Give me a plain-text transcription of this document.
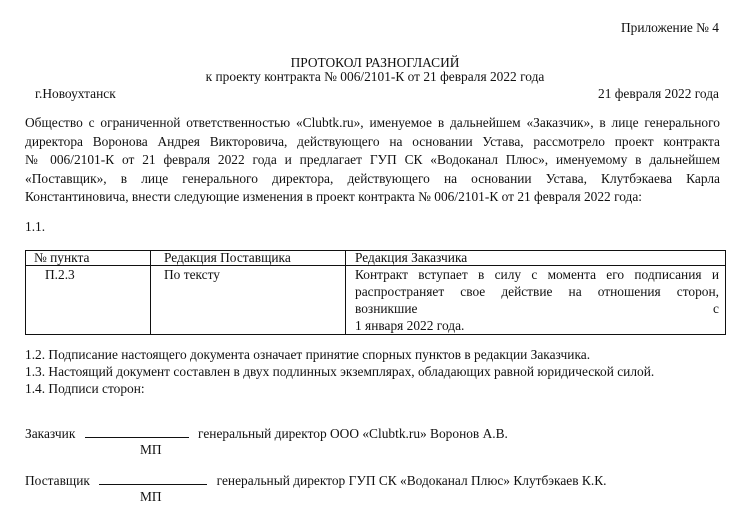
Приложение № 4
ПРОТОКОЛ РАЗНОГЛАСИЙ
к проекту контракта № 006/2101-К от 21 февраля 2022 года
г.Новоухтанск	21 февраля 2022 года
Общество с ограниченной ответственностью «Clubtk.ru», именуемое в дальнейшем «Заказчик», в лице генерального
директора Воронова Андрея Викторовича, действующего на основании Устава, рассмотрело проект контракта
№ 006/2101-К от 21 февраля 2022 года и предлагает ГУП СК «Водоканал Плюс», именуемому в дальнейшем
«Поставщик», в лице генерального директора, действующего на основании Устава, Клутбэкаева Карла
Константиновича, внести следующие изменения в проект контракта № 006/2101-К от 21 февраля 2022 года:
1.1.
№ пункта	Редакция Поставщика	Редакция Заказчика
П.2.3	По тексту	Контракт вступает в силу с момента его подписания и
распространяет свое действие на отношения сторон, возникшие с
1 января 2022 года.
1.2. Подписание настоящего документа означает принятие спорных пунктов в редакции Заказчика.
1.3. Настоящий документ составлен в двух подлинных экземплярах, обладающих равной юридической силой.
1.4. Подписи сторон:
Заказчик	генеральный директор ООО «Clubtk.ru» Воронов А.В.
МП
Поставщик	генеральный директор ГУП СК «Водоканал Плюс» Клутбэкаев К.К.
МП
